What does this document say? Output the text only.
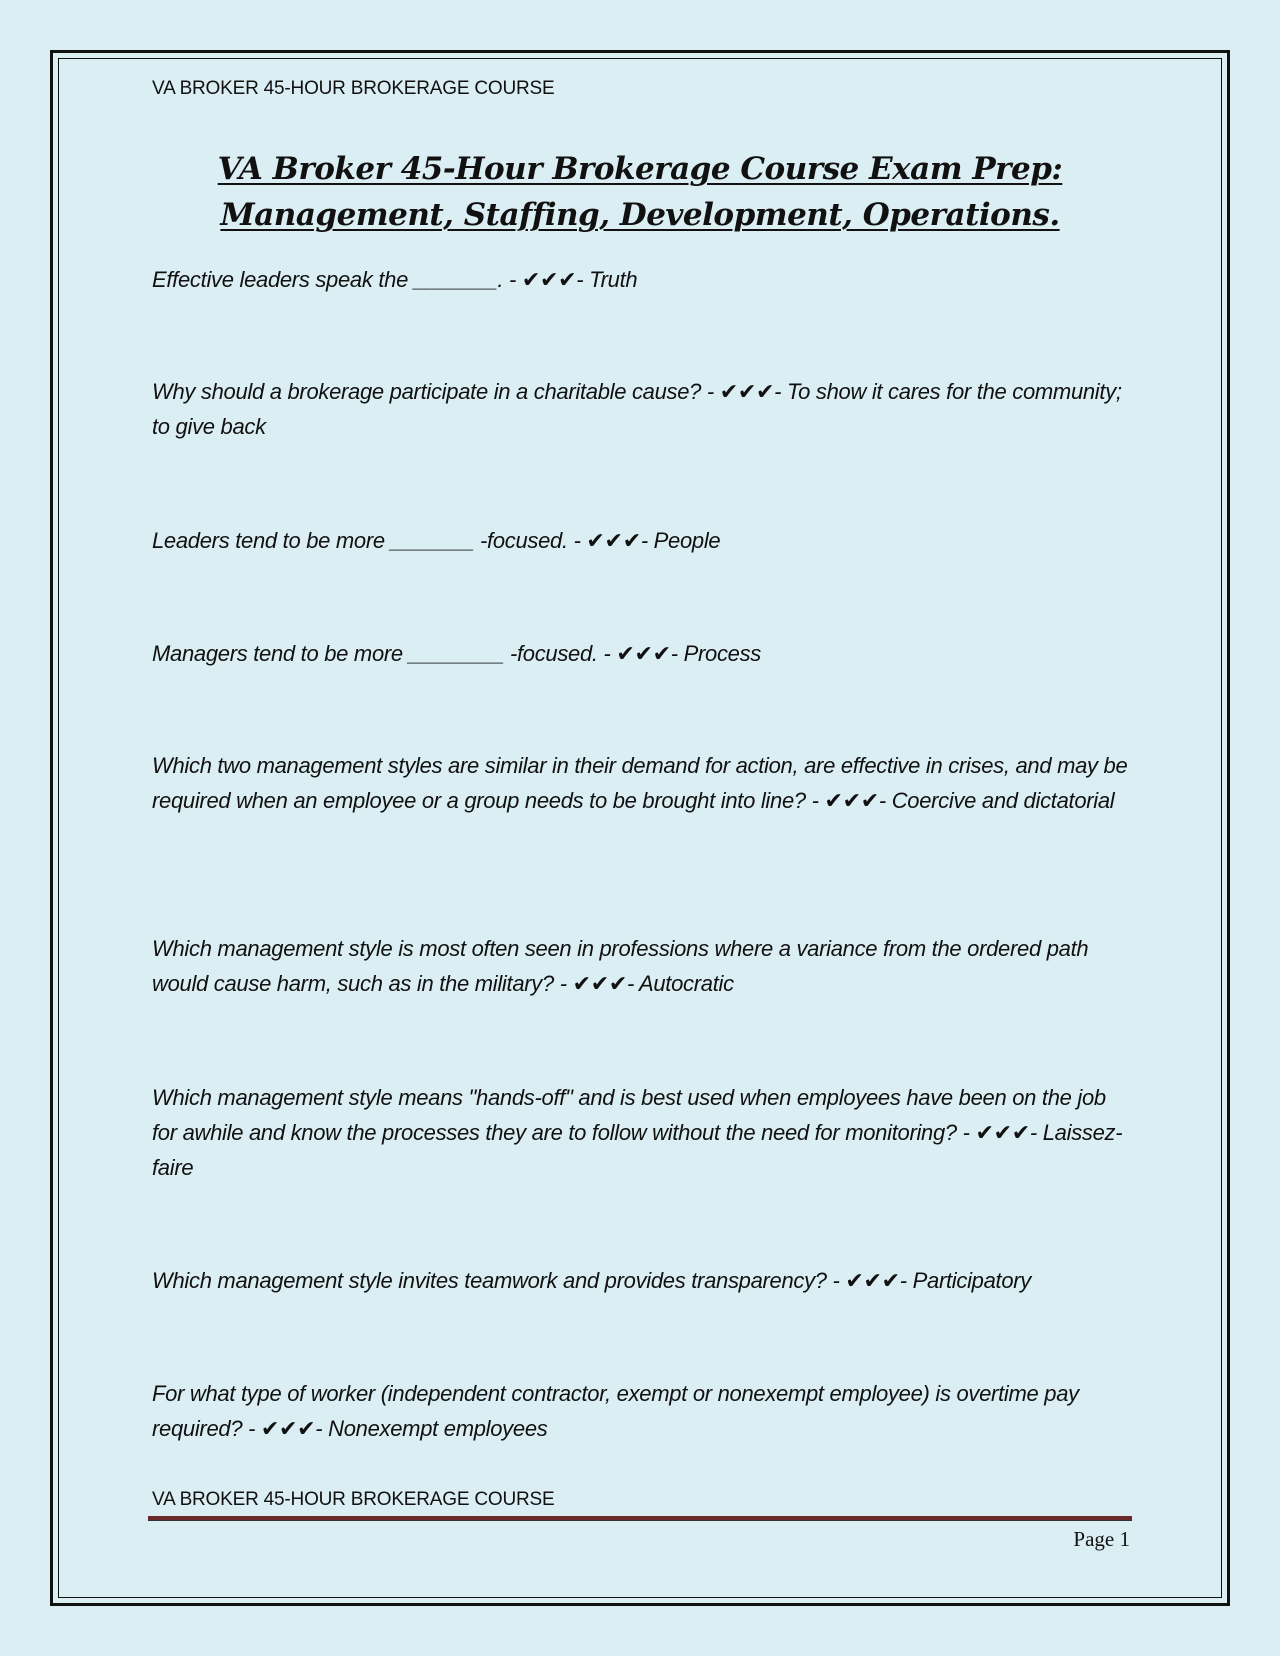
VA BROKER 45-HOUR BROKERAGE COURSE
VA Broker 45-Hour Brokerage Course Exam Prep: Management, Staffing, Development, Operations.
Effective leaders speak the _______. - ✔✔✔- Truth
Why should a brokerage participate in a charitable cause? - ✔✔✔- To show it cares for the community; to give back
Leaders tend to be more _______ -focused. - ✔✔✔- People
Managers tend to be more ________ -focused. - ✔✔✔- Process
Which two management styles are similar in their demand for action, are effective in crises, and may be required when an employee or a group needs to be brought into line? - ✔✔✔- Coercive and dictatorial
Which management style is most often seen in professions where a variance from the ordered path would cause harm, such as in the military? - ✔✔✔- Autocratic
Which management style means "hands-off" and is best used when employees have been on the job for awhile and know the processes they are to follow without the need for monitoring? - ✔✔✔- Laissez-faire
Which management style invites teamwork and provides transparency? - ✔✔✔- Participatory
For what type of worker (independent contractor, exempt or nonexempt employee) is overtime pay required? - ✔✔✔- Nonexempt employees
VA BROKER 45-HOUR BROKERAGE COURSE
Page 1
